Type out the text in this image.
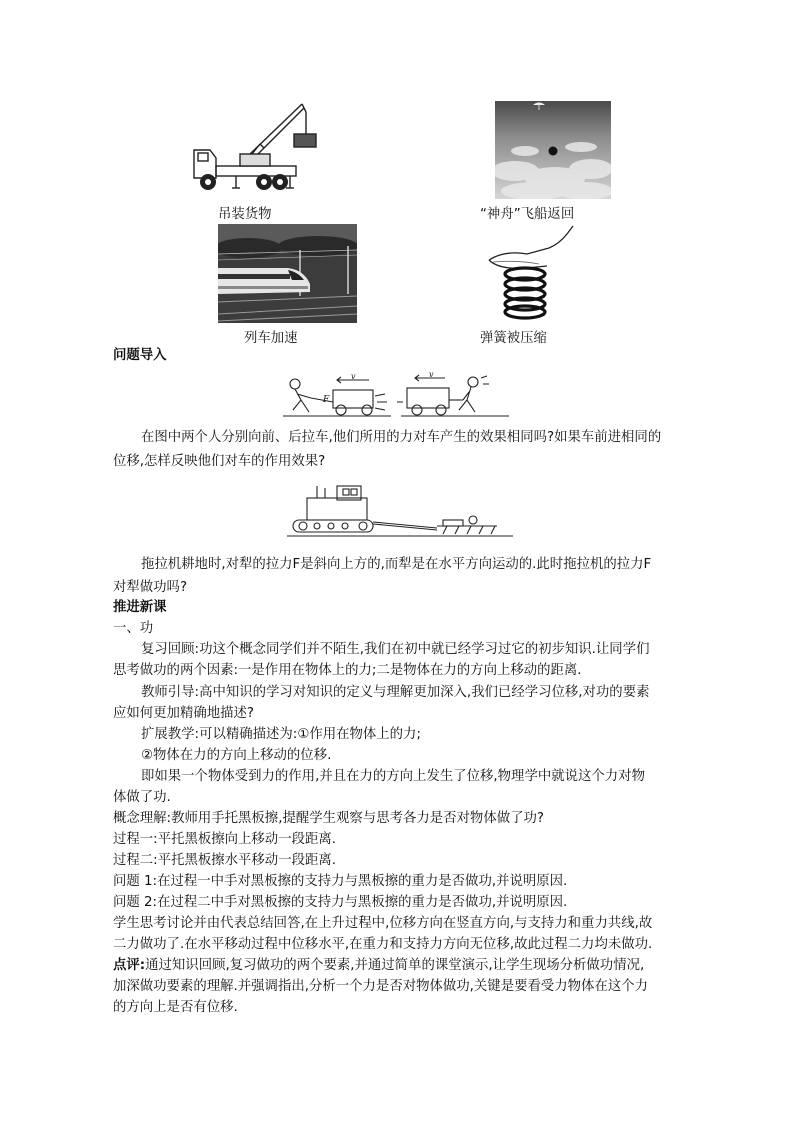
吊装货物	“神舟”飞船返回
列车加速	弹簧被压缩
问题导入
F
v	v
在图中两个人分别向前、后拉车,他们所用的力对车产生的效果相同吗?如果车前进相同的
位移,怎样反映他们对车的作用效果?
拖拉机耕地时,对犁的拉力F是斜向上方的,而犁是在水平方向运动的.此时拖拉机的拉力F
对犁做功吗?
推进新课
一、功
复习回顾:功这个概念同学们并不陌生,我们在初中就已经学习过它的初步知识.让同学们
思考做功的两个因素:一是作用在物体上的力;二是物体在力的方向上移动的距离.
教师引导:高中知识的学习对知识的定义与理解更加深入,我们已经学习位移,对功的要素
应如何更加精确地描述?
扩展教学:可以精确描述为:①作用在物体上的力;
②物体在力的方向上移动的位移.
即如果一个物体受到力的作用,并且在力的方向上发生了位移,物理学中就说这个力对物
体做了功.
概念理解:教师用手托黑板擦,提醒学生观察与思考各力是否对物体做了功?
过程一:平托黑板擦向上移动一段距离.
过程二:平托黑板擦水平移动一段距离.
问题 1:在过程一中手对黑板擦的支持力与黑板擦的重力是否做功,并说明原因.
问题 2:在过程二中手对黑板擦的支持力与黑板擦的重力是否做功,并说明原因.
学生思考讨论并由代表总结回答,在上升过程中,位移方向在竖直方向,与支持力和重力共线,故
二力做功了.在水平移动过程中位移水平,在重力和支持力方向无位移,故此过程二力均未做功.
点评:通过知识回顾,复习做功的两个要素,并通过简单的课堂演示,让学生现场分析做功情况,
加深做功要素的理解.并强调指出,分析一个力是否对物体做功,关键是要看受力物体在这个力
的方向上是否有位移.
